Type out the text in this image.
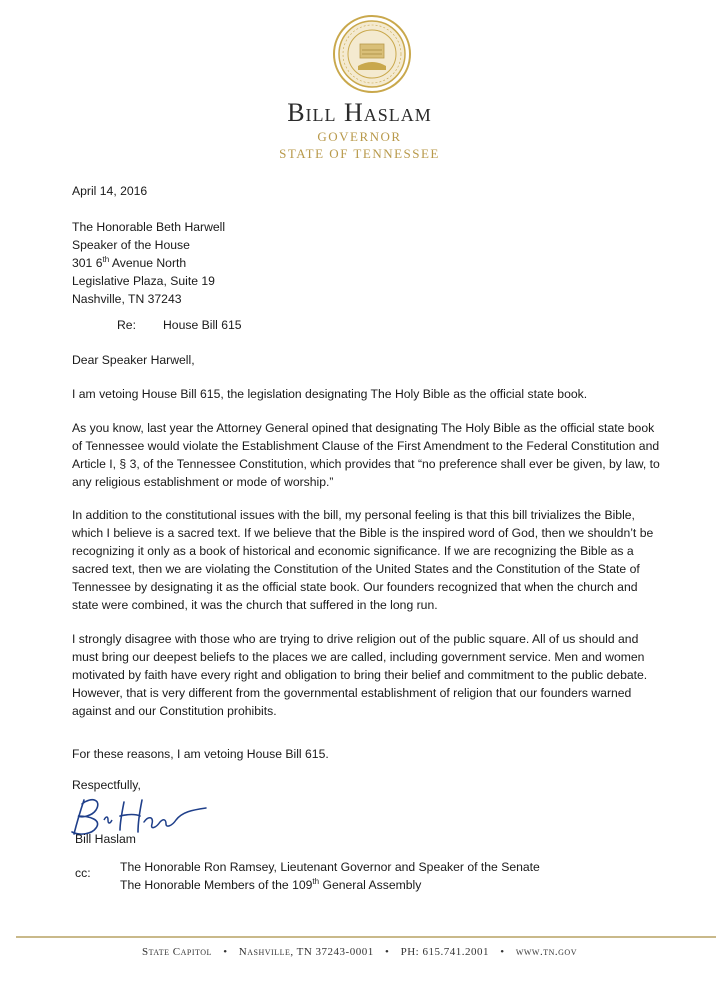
Bill Haslam
GOVERNOR
STATE OF TENNESSEE
April 14, 2016
The Honorable Beth Harwell
Speaker of the House
301 6th Avenue North
Legislative Plaza, Suite 19
Nashville, TN 37243
Re: House Bill 615
Dear Speaker Harwell,

I am vetoing House Bill 615, the legislation designating The Holy Bible as the official state book.

As you know, last year the Attorney General opined that designating The Holy Bible as the official state book of Tennessee would violate the Establishment Clause of the First Amendment to the Federal Constitution and Article I, § 3, of the Tennessee Constitution, which provides that “no preference shall ever be given, by law, to any religious establishment or mode of worship.”

In addition to the constitutional issues with the bill, my personal feeling is that this bill trivializes the Bible, which I believe is a sacred text. If we believe that the Bible is the inspired word of God, then we shouldn’t be recognizing it only as a book of historical and economic significance. If we are recognizing the Bible as a sacred text, then we are violating the Constitution of the United States and the Constitution of the State of Tennessee by designating it as the official state book. Our founders recognized that when the church and state were combined, it was the church that suffered in the long run.

I strongly disagree with those who are trying to drive religion out of the public square. All of us should and must bring our deepest beliefs to the places we are called, including government service. Men and women motivated by faith have every right and obligation to bring their belief and commitment to the public debate. However, that is very different from the governmental establishment of religion that our founders warned against and our Constitution prohibits.

For these reasons, I am vetoing House Bill 615.

Respectfully,
Bill Haslam
cc: The Honorable Ron Ramsey, Lieutenant Governor and Speaker of the Senate
The Honorable Members of the 109th General Assembly
State Capitol • Nashville, TN 37243-0001 • PH: 615.741.2001 • www.tn.gov
